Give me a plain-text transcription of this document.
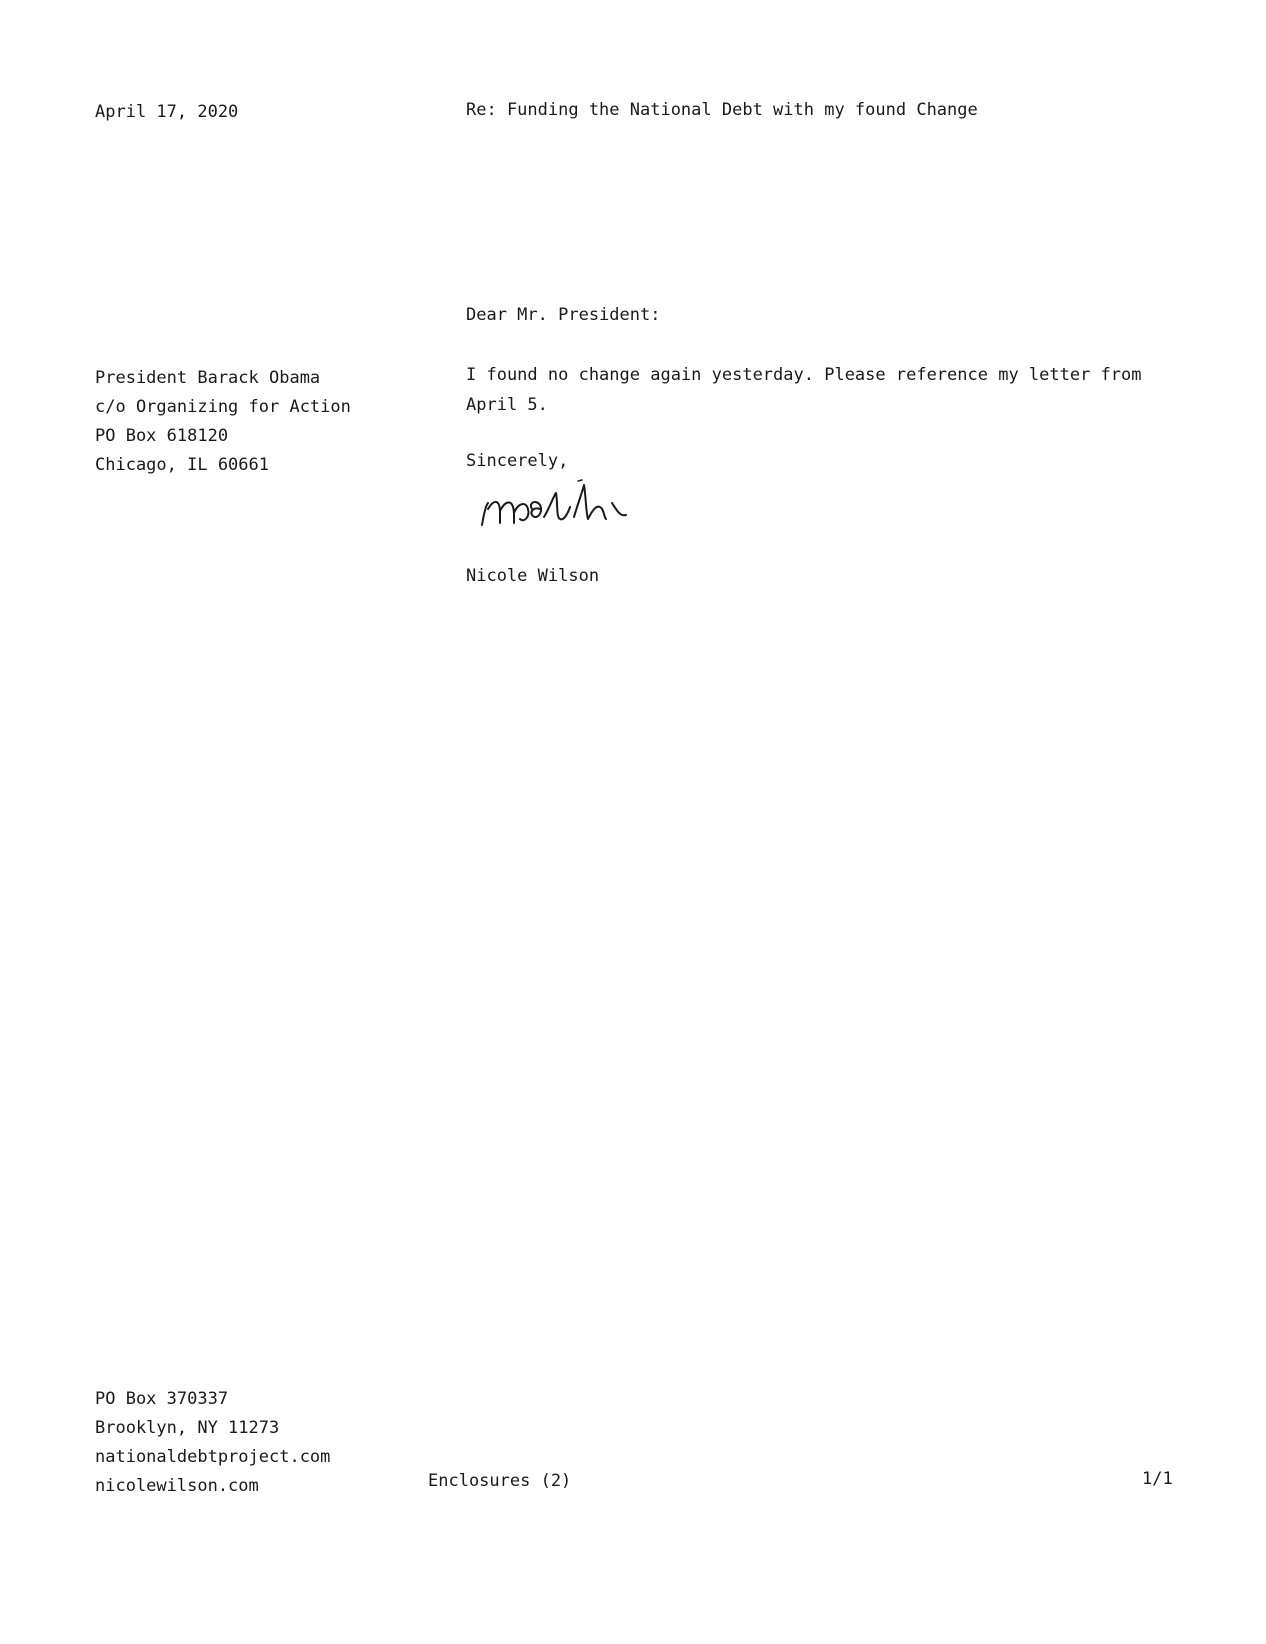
April 17, 2020	Re: Funding the National Debt with my found Change
Dear Mr. President:
President Barack Obama
c/o Organizing for Action
PO Box 618120
Chicago, IL 60661
I found no change again yesterday. Please reference my letter from April 5.
Sincerely,
Nicole Wilson
PO Box 370337
Brooklyn, NY 11273
nationaldebtproject.com
nicolewilson.com	Enclosures (2)	1/1
